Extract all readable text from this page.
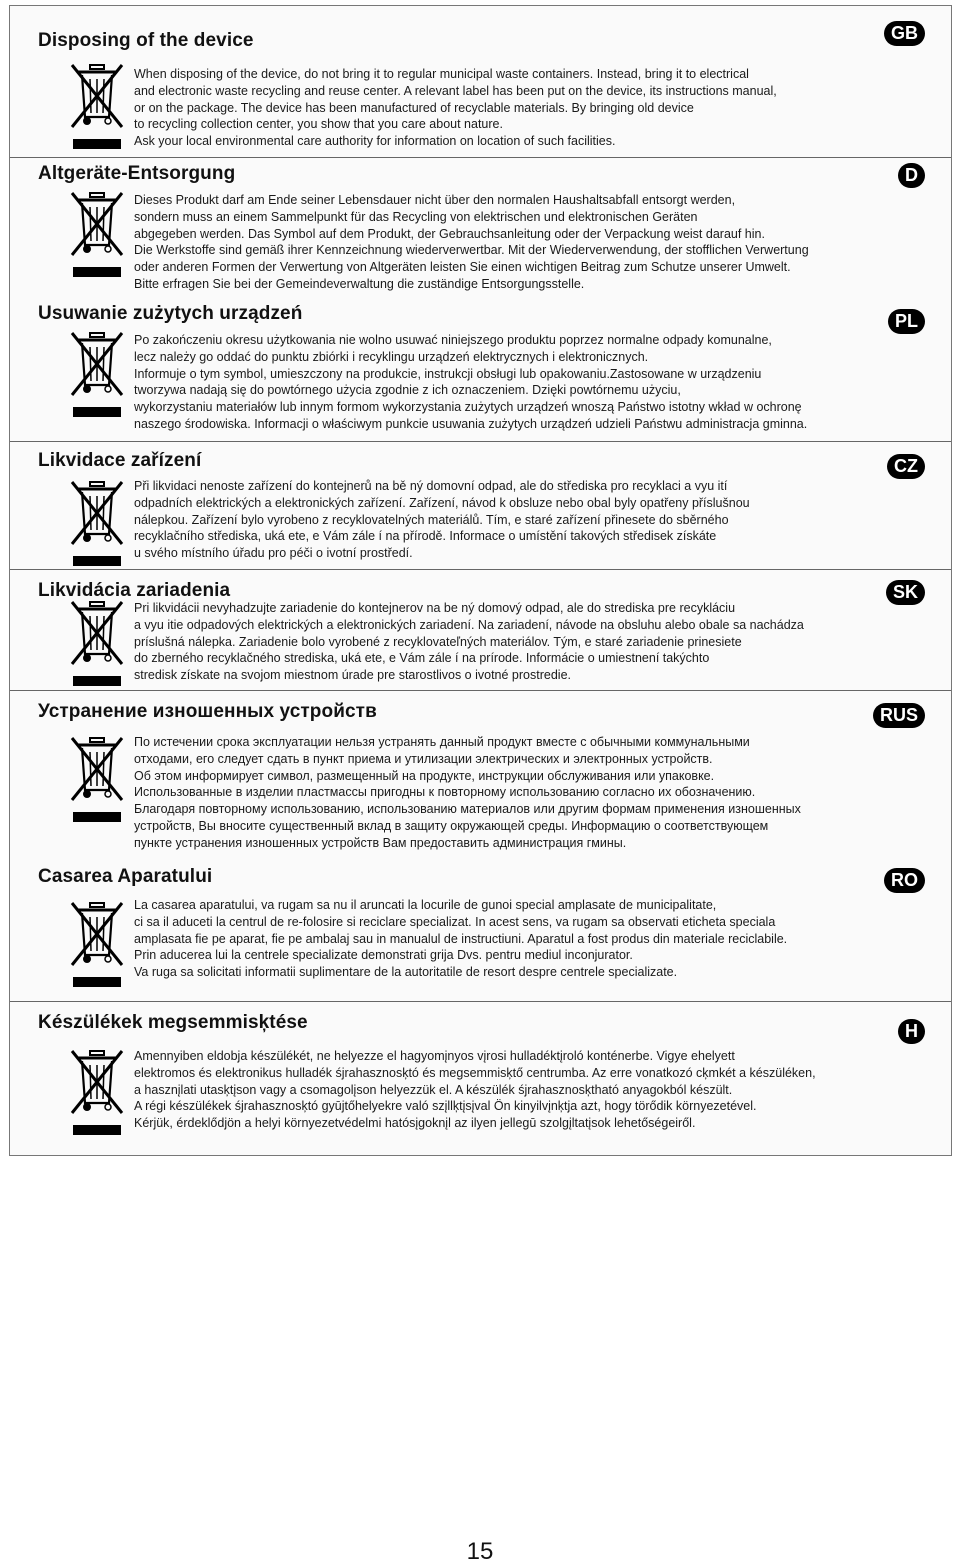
Disposing of the device	GB

When disposing of the device, do not bring it to regular municipal waste containers. Instead, bring it to electrical

and electronic waste recycling and reuse center. A relevant label has been put on the device, its instructions manual,

or on the package. The device has been manufactured of recyclable materials. By bringing old device

to recycling collection center, you show that you care about nature.

Ask your local environmental care authority for information on location of such facilities.

Altgeräte-Entsorgung	D

Dieses Produkt darf am Ende seiner Lebensdauer nicht über den normalen Haushaltsabfall entsorgt werden,

sondern muss an einem Sammelpunkt für das Recycling von elektrischen und elektronischen Geräten

abgegeben werden. Das Symbol auf dem Produkt, der Gebrauchsanleitung oder der Verpackung weist darauf hin.

Die Werkstoffe sind gemäß ihrer Kennzeichnung wiederverwertbar. Mit der Wiederverwendung, der stofflichen Verwertung

oder anderen Formen der Verwertung von Altgeräten leisten Sie einen wichtigen Beitrag zum Schutze unserer Umwelt.

Bitte erfragen Sie bei der Gemeindeverwaltung die zuständige Entsorgungsstelle.

Usuwanie zużytych urządzeń	PL

Po zakończeniu okresu użytkowania nie wolno usuwać niniejszego produktu poprzez normalne odpady komunalne,

lecz należy go oddać do punktu zbiórki i recyklingu urządzeń elektrycznych i elektronicznych.

Informuje o tym symbol, umieszczony na produkcie, instrukcji obsługi lub opakowaniu.Zastosowane w urządzeniu

tworzywa nadają się do powtórnego użycia zgodnie z ich oznaczeniem. Dzięki powtórnemu użyciu,

wykorzystaniu materiałów lub innym formom wykorzystania zużytych urządzeń wnoszą Państwo istotny wkład w ochronę

naszego środowiska. Informacji o właściwym punkcie usuwania zużytych urządzeń udzieli Państwu administracja gminna.

Likvidace zařízení	CZ

Při likvidaci nenoste zařízení do kontejnerů na bě ný domovní odpad, ale do střediska pro recyklaci a vyu ití

odpadních elektrických a elektronických zařízení. Zařízení, návod k obsluze nebo obal byly opatřeny příslušnou

nálepkou. Zařízení bylo vyrobeno z recyklovatelných materiálů. Tím, e staré zařízení přinesete do sběrného

recyklačního střediska, uká ete, e Vám zále í na přírodě. Informace o umístění takových středisek získáte

u svého místního úřadu pro péči o ivotní prostředí.

Likvidácia zariadenia	SK

Pri likvidácii nevyhadzujte zariadenie do kontejnerov na be ný domový odpad, ale do strediska pre recykláciu

a vyu itie odpadových elektrických a elektronických zariadení. Na zariadení, návode na obsluhu alebo obale sa nachádza

príslušná nálepka. Zariadenie bolo vyrobené z recyklovateľných materiálov. Tým, e staré zariadenie prinesiete

do zberného recyklačného strediska, uká ete, e Vám zále í na prírode. Informácie o umiestnení takýchto

stredisk získate na svojom miestnom úrade pre starostlivos o ivotné prostredie.

Устранение изношенных устройств	RUS

По истечении срока эксплуатации нельзя устранять данный продукт вместе с обычными коммунальными

отходами, его следует сдать в пункт приема и утилизации электрических и электронных устройств.

Об этом информирует символ, размещенный на продукте, инструкции обслуживания или упаковке.

Использованные в изделии пластмассы пригодны к повторному использованию согласно их обозначению.

Благодаря повторному использованию, использованию материалов или другим формам применения изношенных

устройств, Вы вносите существенный вклад в защиту окружающей среды. Информацию о соответствующем

пункте устранения изношенных устройств Вам предоставить администрация гмины.

Casarea Aparatului	RO

La casarea aparatului, va rugam sa nu il aruncati la locurile de gunoi special amplasate de municipalitate,

ci sa il aduceti la centrul de re-folosire si reciclare specializat. In acest sens, va rugam sa observati eticheta speciala

amplasata fie pe aparat, fie pe ambalaj sau in manualul de instructiuni. Aparatul a fost produs din materiale reciclabile.

Prin aducerea lui la centrele specializate demonstrati grija Dvs. pentru mediul inconjurator.

Va ruga sa solicitati informatii suplimentare de la autoritatile de resort despre centrele specializate.

Készülékek megsemmisķtése	H

Amennyiben eldobja készülékét, ne helyezze el hagyomįnyos vįrosi hulladéktįroló konténerbe. Vigye ehelyett

elektromos és elektronikus hulladék śjrahasznosķtó és megsemmisķtő centrumba. Az erre vonatkozó cķmkét a készüléken,

a hasznįlati utasķtįson vagy a csomagolįson helyezzük el. A készülék śjrahasznosķtható anyagokból készült.

A régi készülékek śjrahasznosķtó gyūjtőhelyekre való szįllķtįsįval Ön kinyilvįnķtja azt, hogy törődik környezetével.

Kérjük, érdeklődjön a helyi környezetvédelmi hatósįgoknįl az ilyen jellegū szolgįltatįsok lehetőségeiről.

15
